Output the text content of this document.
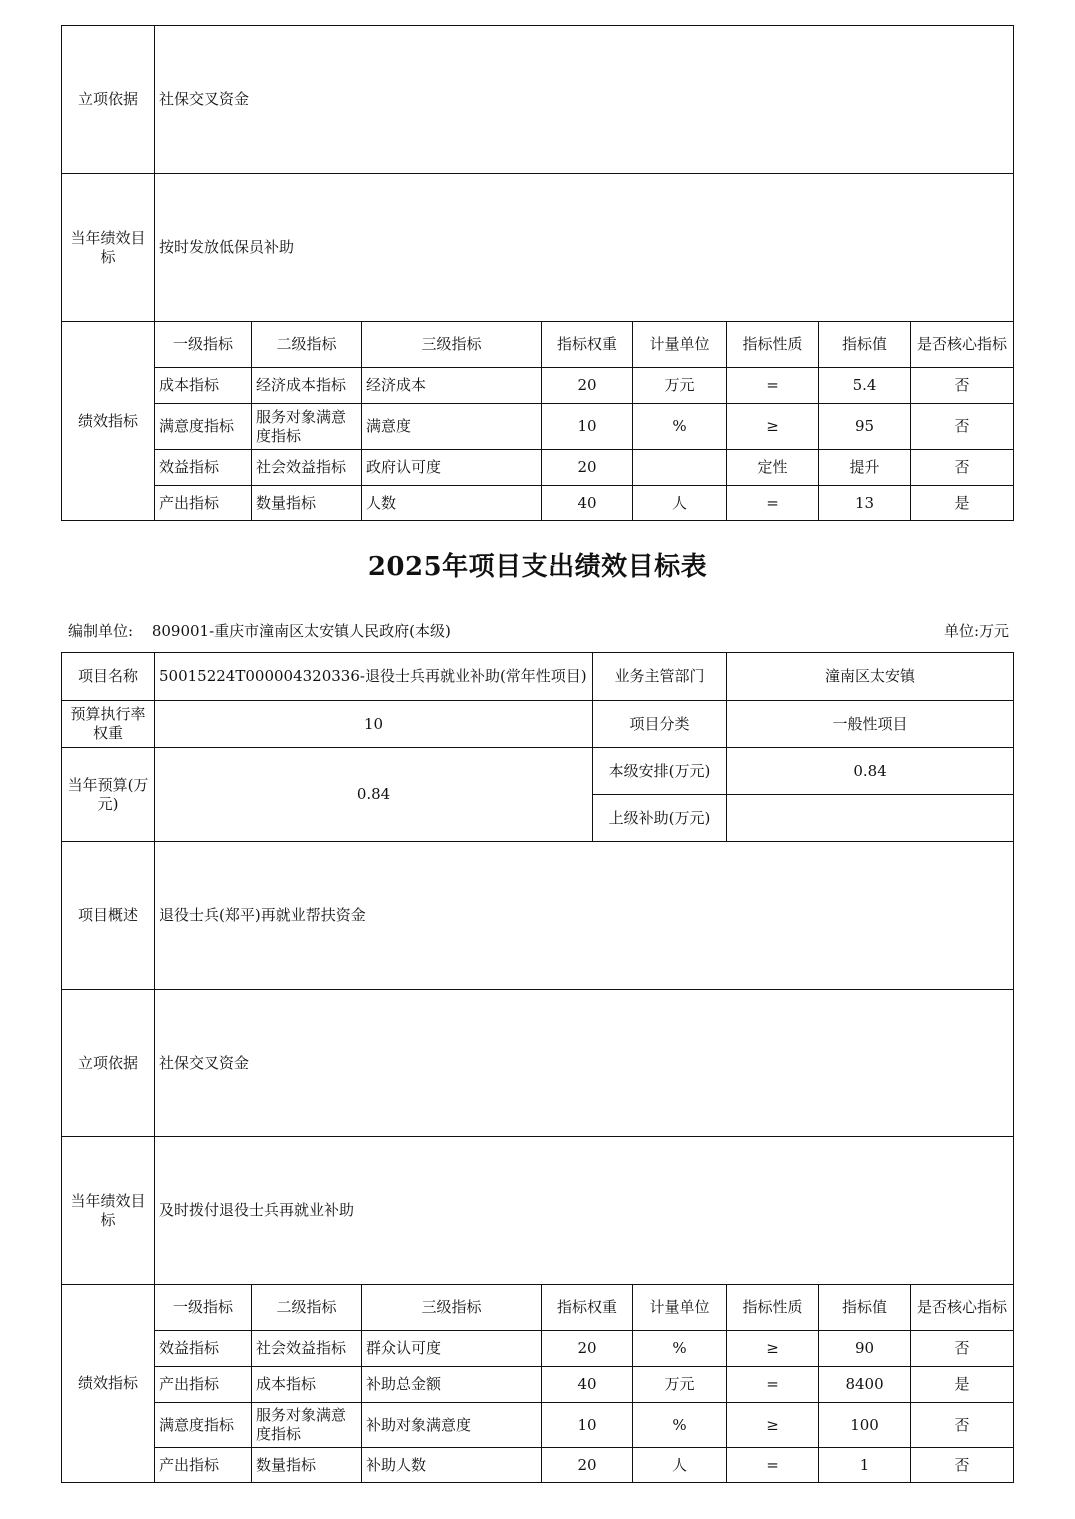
立项依据	社保交叉资金							
当年绩效目标	按时发放低保员补助							
绩效指标	一级指标	二级指标	三级指标	指标权重	计量单位	指标性质	指标值	是否核心指标
	成本指标	经济成本指标	经济成本	20	万元	=	5.4	否
	满意度指标	服务对象满意度指标	满意度	10	%	≥	95	否
	效益指标	社会效益指标	政府认可度	20		定性	提升	否
	产出指标	数量指标	人数	40	人	=	13	是
2025年项目支出绩效目标表
编制单位: 809001-重庆市潼南区太安镇人民政府(本级)	单位:万元
项目名称	50015224T000004320336-退役士兵再就业补助(常年性项目)				业务主管部门		潼南区太安镇		
预算执行率权重	10				项目分类		一般性项目		
当年预算(万元)	0.84				本级安排(万元)		0.84		
					上级补助(万元)				
项目概述	退役士兵(郑平)再就业帮扶资金								
立项依据	社保交叉资金								
当年绩效目标	及时拨付退役士兵再就业补助								
绩效指标	一级指标	二级指标	三级指标	指标权重		计量单位	指标性质	指标值	是否核心指标
	效益指标	社会效益指标	群众认可度	20		%	≥	90	否
	产出指标	成本指标	补助总金额	40		万元	=	8400	是
	满意度指标	服务对象满意度指标	补助对象满意度	10		%	≥	100	否
	产出指标	数量指标	补助人数	20		人	=	1	否
